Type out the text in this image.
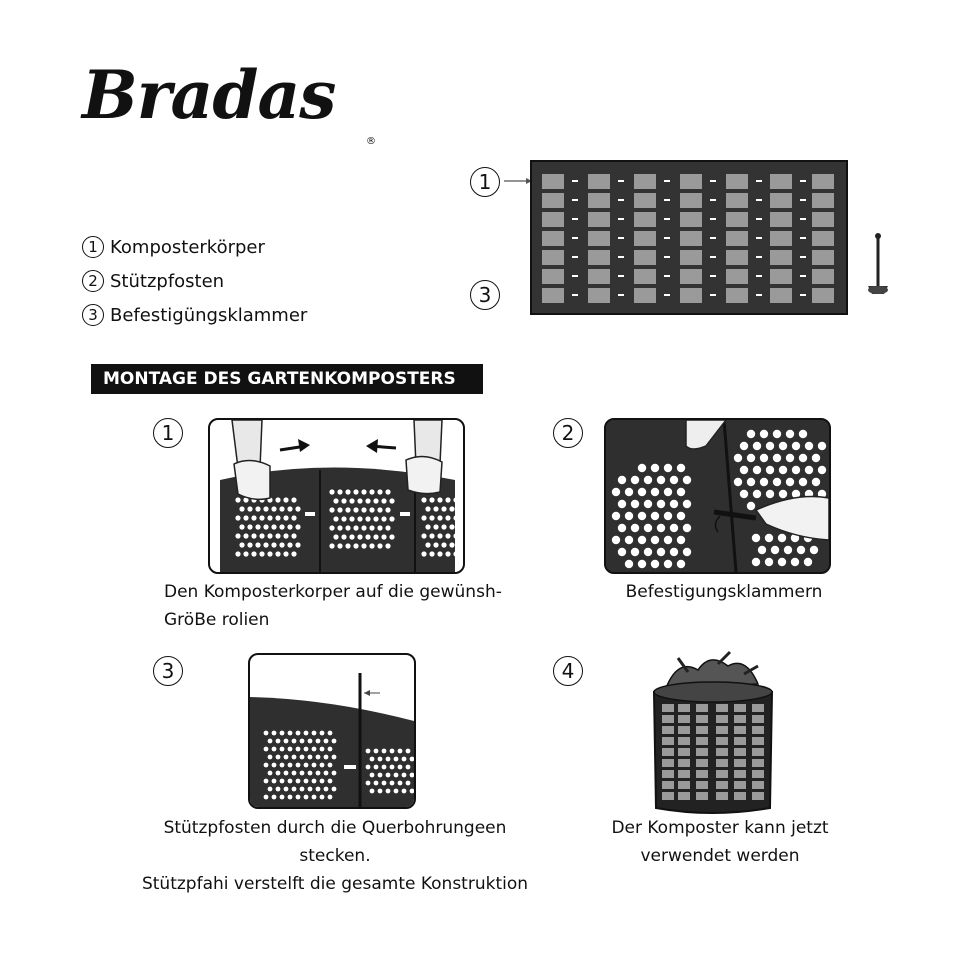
Bradas
®
1 Komposterkörper
2 Stützpfosten
3 Befestigüngsklammer
1
3
MONTAGE DES GARTENKOMPOSTERS
1
Den Komposterkorper auf die gewünsh-
GröBe rolien
2
Befestigungsklammern
3
Stützpfosten durch die Querbohrungeen
stecken.
Stützpfahi verstelft die gesamte Konstruktion
4
Der Komposter kann jetzt
verwendet werden
